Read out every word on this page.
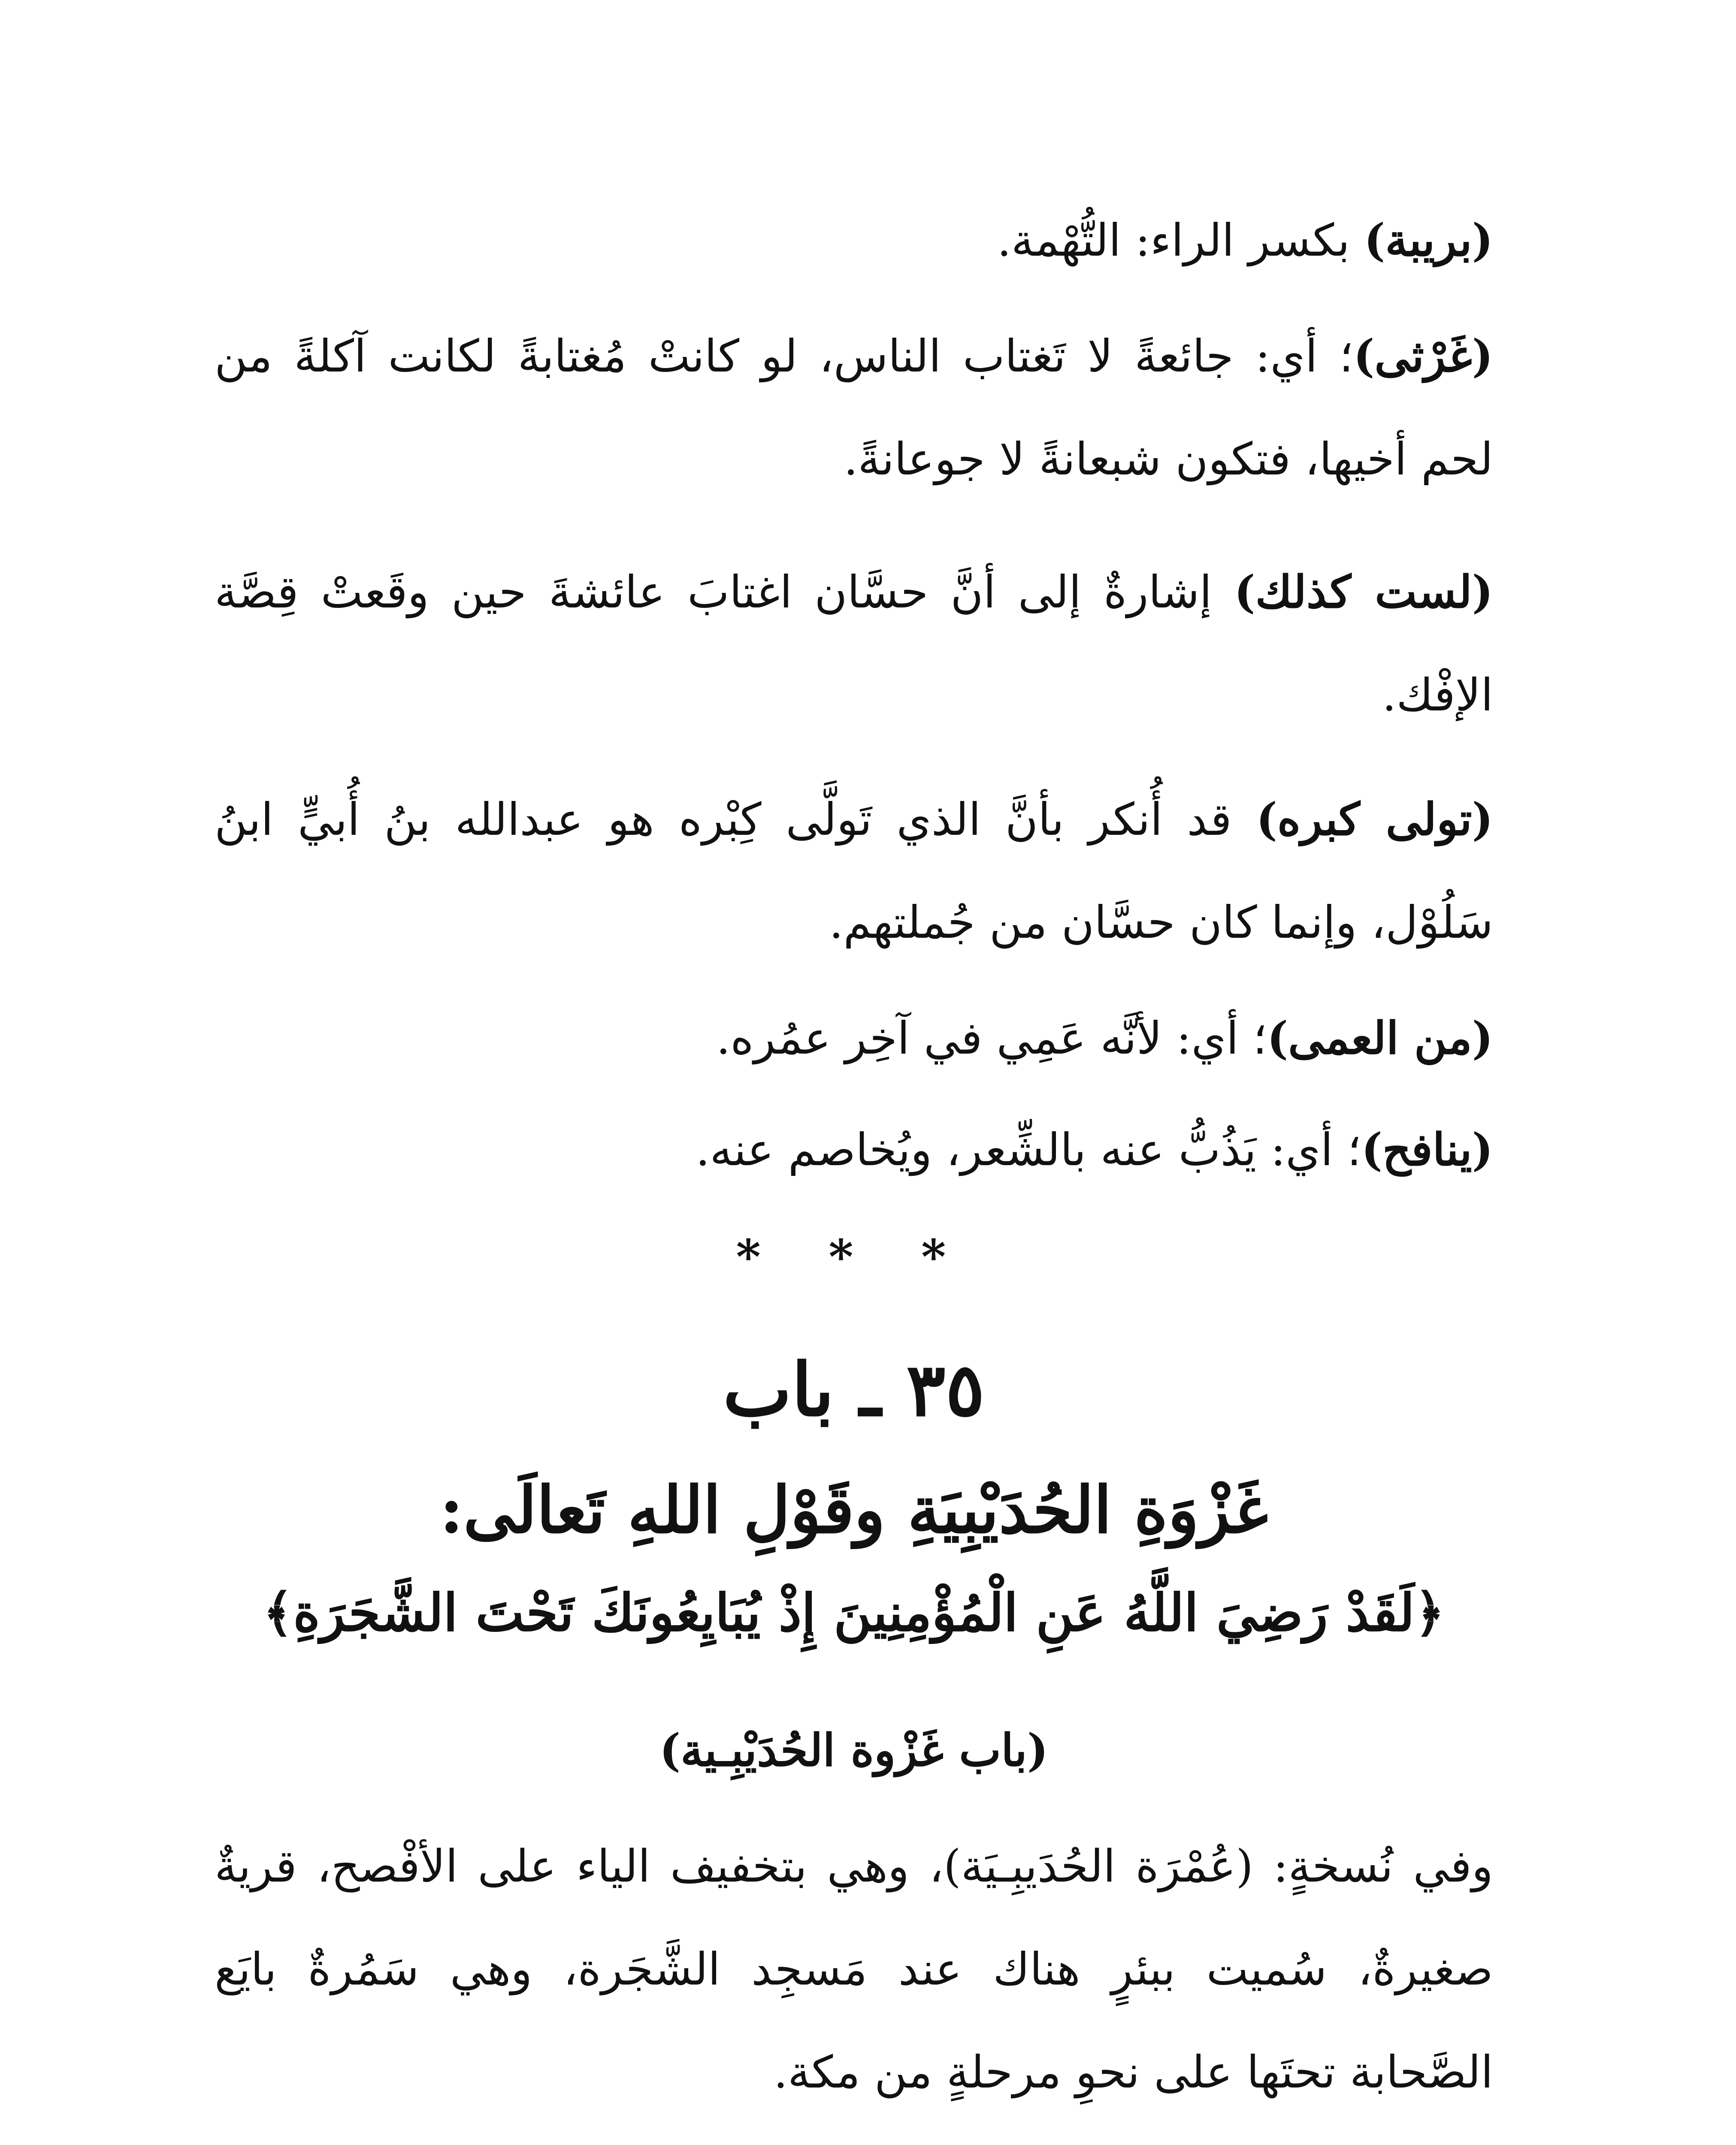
(بريبة) بكسر الراء: التُّهْمة.

(غَرْثى)؛ أي: جائعةً لا تَغتاب الناس، لو كانتْ مُغتابةً لكانت آكلةً من لحم أخيها، فتكون شبعانةً لا جوعانةً.

(لست كذلك) إشارةٌ إلى أنَّ حسَّان اغتابَ عائشةَ حين وقَعتْ قِصَّة الإفْك.

(تولى كبره) قد أُنكر بأنَّ الذي تَولَّى كِبْره هو عبدالله بنُ أُبيٍّ ابنُ سَلُوْل، وإنما كان حسَّان من جُملتهم.

(من العمى)؛ أي: لأنَّه عَمِي في آخِر عمُره.

(ينافح)؛ أي: يَذُبُّ عنه بالشِّعر، ويُخاصم عنه.

* * *

٣٥ ـ باب

غَزْوَةِ الحُدَيْبِيَةِ وقَوْلِ اللهِ تَعالَى:

﴿لَقَدْ رَضِيَ اللَّهُ عَنِ الْمُؤْمِنِينَ إِذْ يُبَايِعُونَكَ تَحْتَ الشَّجَرَةِ﴾

(باب غَزْوة الحُدَيْبِـية)

وفي نُسخةٍ: (عُمْرَة الحُدَيبِـيَة)، وهي بتخفيف الياء على الأفْصح، قريةٌ صغيرةٌ، سُميت ببئرٍ هناك عند مَسجِد الشَّجَرة، وهي سَمُرةٌ بايَع الصَّحابة تحتَها على نحوِ مرحلةٍ من مكة.
